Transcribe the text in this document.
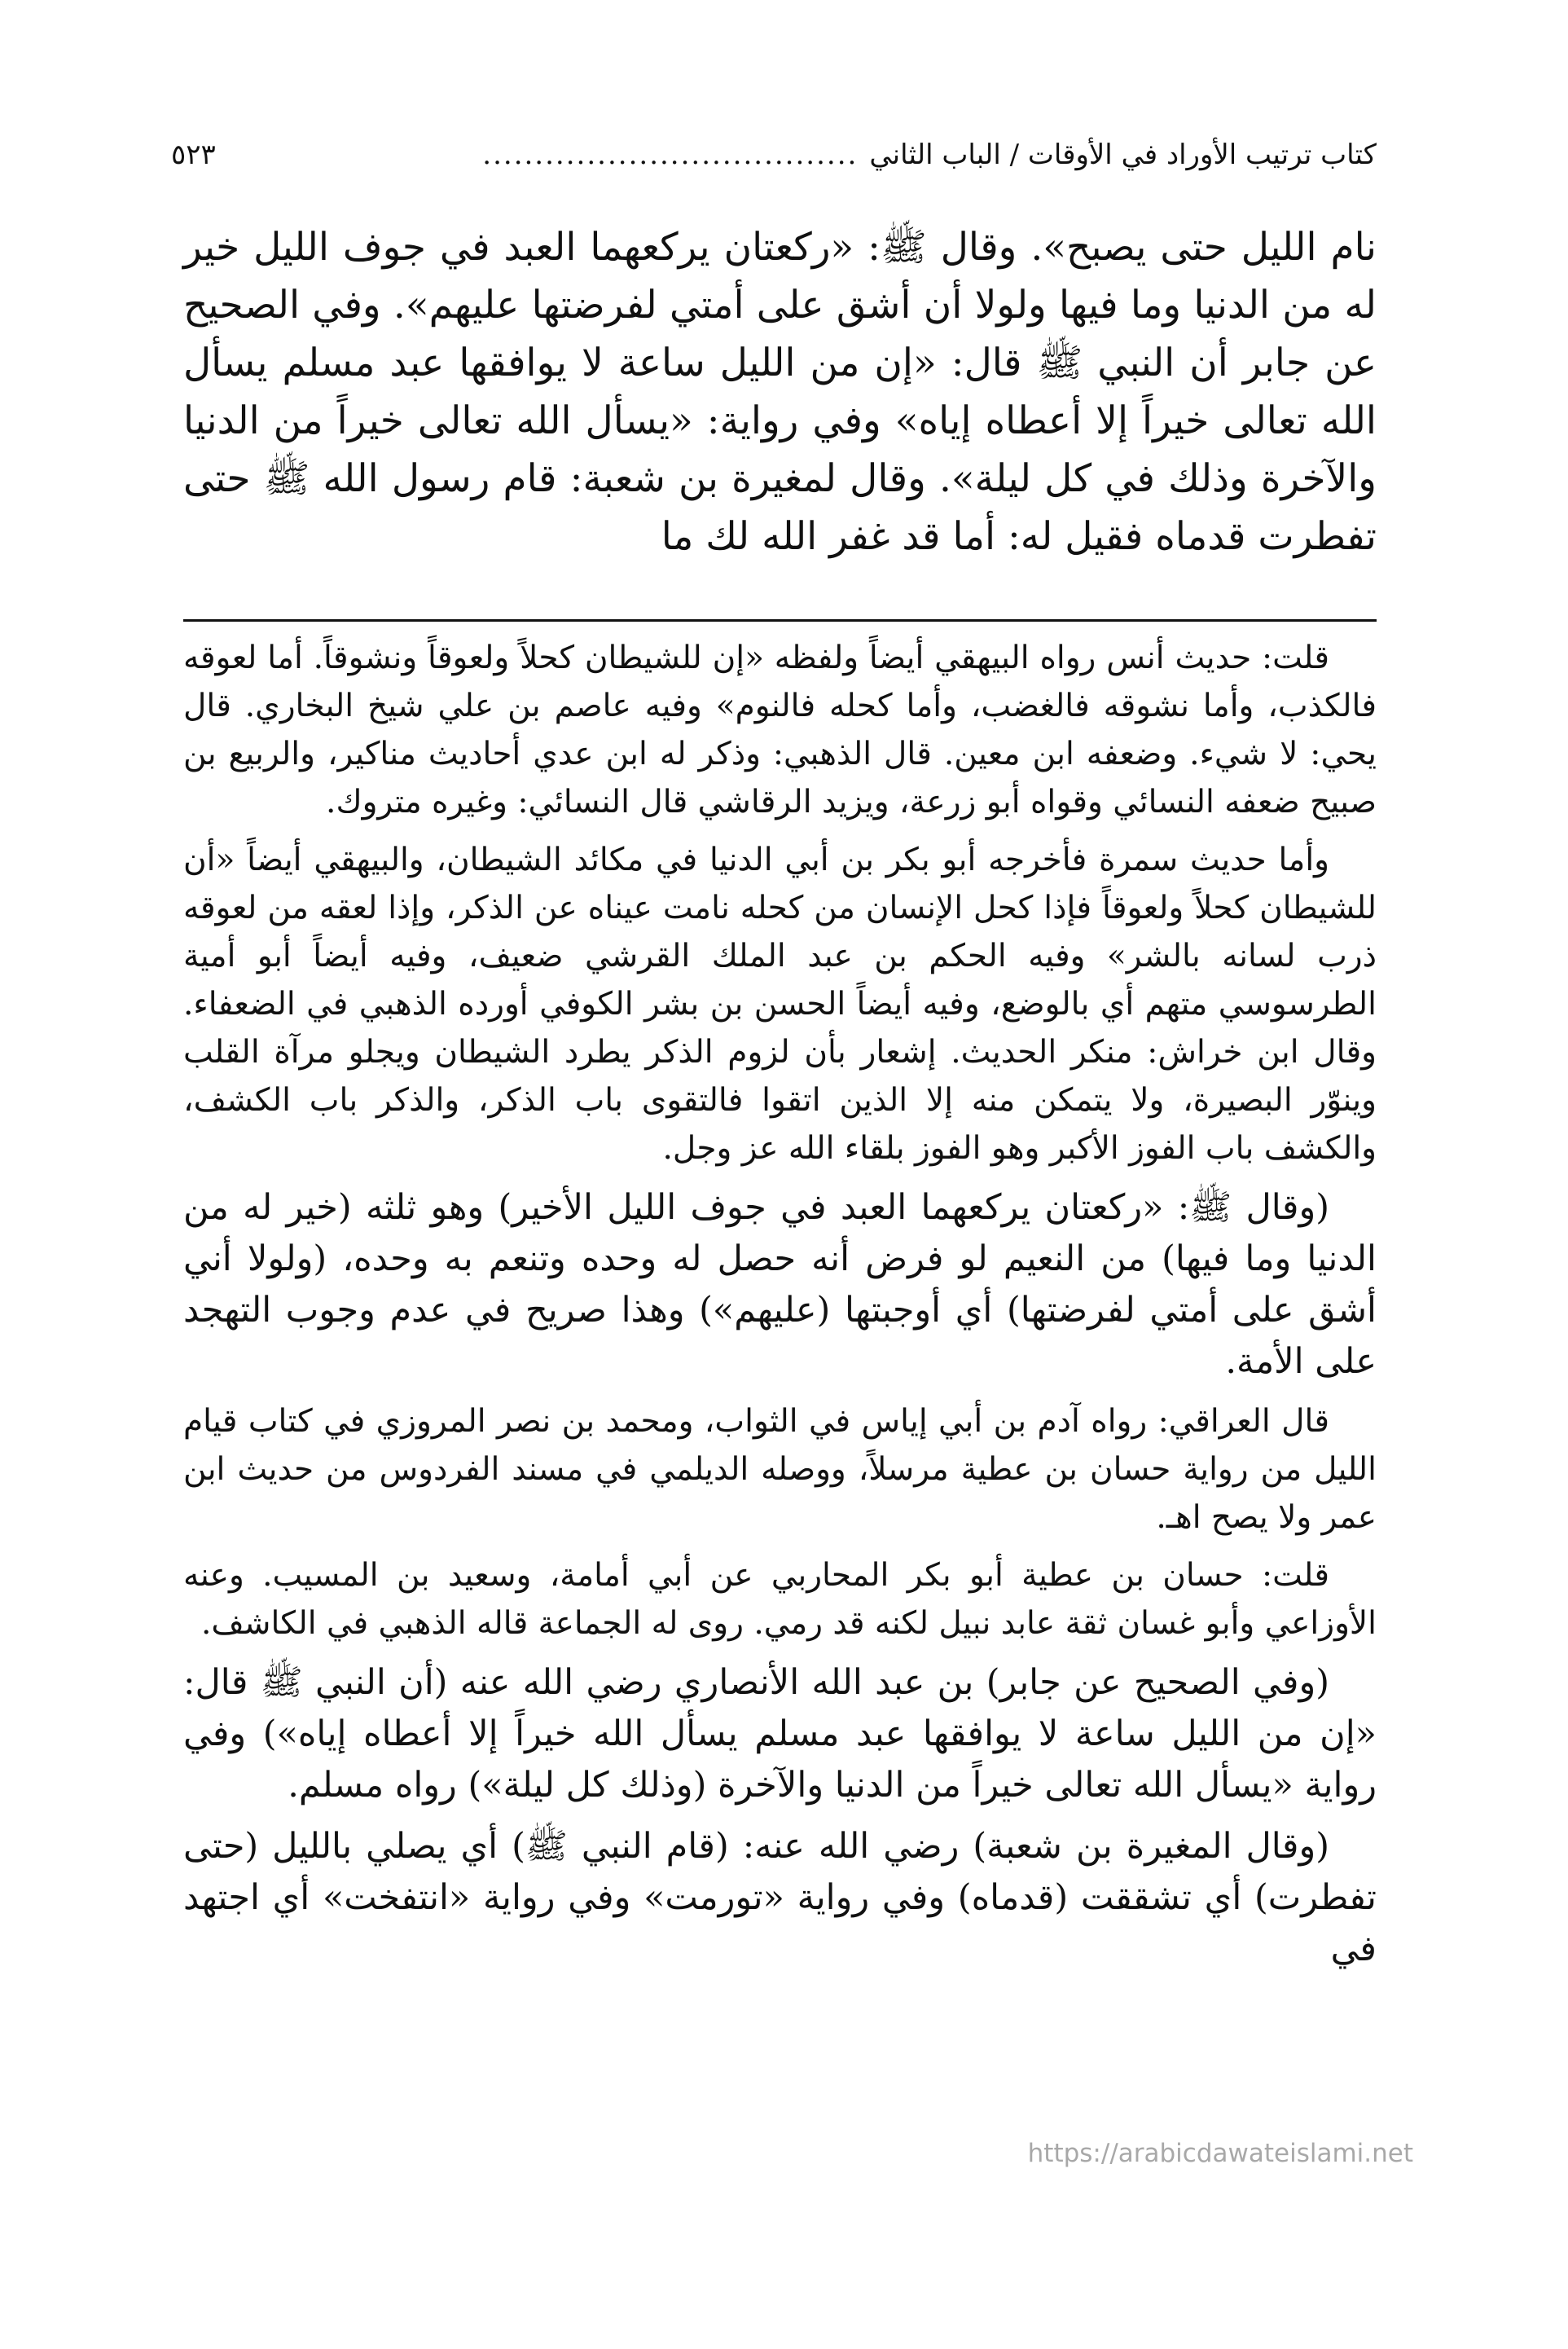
كتاب ترتيب الأوراد في الأوقات / الباب الثاني
....................................
٥٢٣

نام الليل حتى يصبح». وقال ﷺ: «ركعتان يركعهما العبد في جوف الليل خير له من الدنيا وما فيها ولولا أن أشق على أمتي لفرضتها عليهم». وفي الصحيح عن جابر أن النبي ﷺ قال: «إن من الليل ساعة لا يوافقها عبد مسلم يسأل الله تعالى خيراً إلا أعطاه إياه» وفي رواية: «يسأل الله تعالى خيراً من الدنيا والآخرة وذلك في كل ليلة». وقال لمغيرة بن شعبة: قام رسول الله ﷺ حتى تفطرت قدماه فقيل له: أما قد غفر الله لك ما

قلت: حديث أنس رواه البيهقي أيضاً ولفظه «إن للشيطان كحلاً ولعوقاً ونشوقاً. أما لعوقه فالكذب، وأما نشوقه فالغضب، وأما كحله فالنوم» وفيه عاصم بن علي شيخ البخاري. قال يحي: لا شيء. وضعفه ابن معين. قال الذهبي: وذكر له ابن عدي أحاديث مناكير، والربيع بن صبيح ضعفه النسائي وقواه أبو زرعة، ويزيد الرقاشي قال النسائي: وغيره متروك.

وأما حديث سمرة فأخرجه أبو بكر بن أبي الدنيا في مكائد الشيطان، والبيهقي أيضاً «أن للشيطان كحلاً ولعوقاً فإذا كحل الإنسان من كحله نامت عيناه عن الذكر، وإذا لعقه من لعوقه ذرب لسانه بالشر» وفيه الحكم بن عبد الملك القرشي ضعيف، وفيه أيضاً أبو أمية الطرسوسي متهم أي بالوضع، وفيه أيضاً الحسن بن بشر الكوفي أورده الذهبي في الضعفاء. وقال ابن خراش: منكر الحديث. إشعار بأن لزوم الذكر يطرد الشيطان ويجلو مرآة القلب وينوّر البصيرة، ولا يتمكن منه إلا الذين اتقوا فالتقوى باب الذكر، والذكر باب الكشف، والكشف باب الفوز الأكبر وهو الفوز بلقاء الله عز وجل.

(وقال ﷺ: «ركعتان يركعهما العبد في جوف الليل الأخير) وهو ثلثه (خير له من الدنيا وما فيها) من النعيم لو فرض أنه حصل له وحده وتنعم به وحده، (ولولا أني أشق على أمتي لفرضتها) أي أوجبتها (عليهم») وهذا صريح في عدم وجوب التهجد على الأمة.

قال العراقي: رواه آدم بن أبي إياس في الثواب، ومحمد بن نصر المروزي في كتاب قيام الليل من رواية حسان بن عطية مرسلاً، ووصله الديلمي في مسند الفردوس من حديث ابن عمر ولا يصح اهـ.

قلت: حسان بن عطية أبو بكر المحاربي عن أبي أمامة، وسعيد بن المسيب. وعنه الأوزاعي وأبو غسان ثقة عابد نبيل لكنه قد رمي. روى له الجماعة قاله الذهبي في الكاشف.

(وفي الصحيح عن جابر) بن عبد الله الأنصاري رضي الله عنه (أن النبي ﷺ قال: «إن من الليل ساعة لا يوافقها عبد مسلم يسأل الله خيراً إلا أعطاه إياه») وفي رواية «يسأل الله تعالى خيراً من الدنيا والآخرة (وذلك كل ليلة») رواه مسلم.

(وقال المغيرة بن شعبة) رضي الله عنه: (قام النبي ﷺ) أي يصلي بالليل (حتى تفطرت) أي تشققت (قدماه) وفي رواية «تورمت» وفي رواية «انتفخت» أي اجتهد في

https://arabicdawateislami.net
